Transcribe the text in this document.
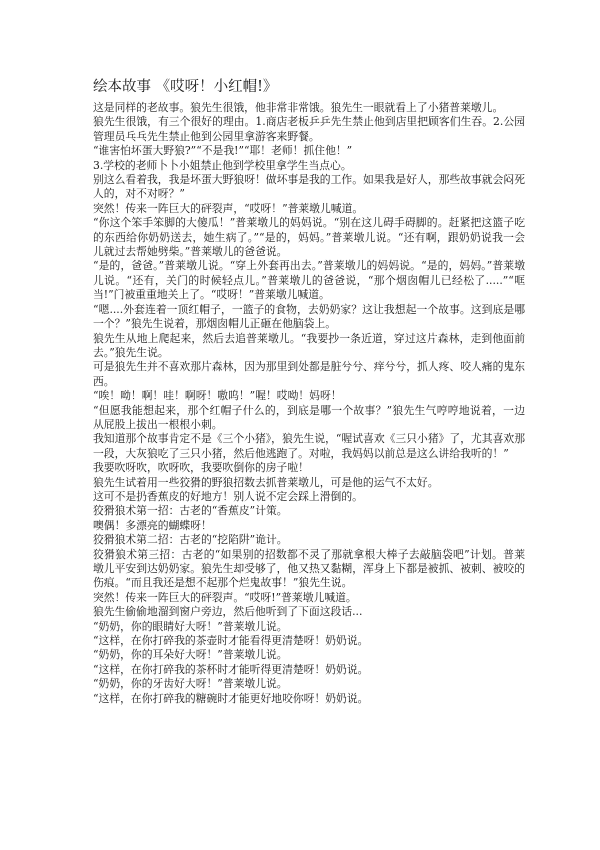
绘本故事 《哎呀！小红帽!》

这是同样的老故事。狼先生很饿，他非常非常饿。狼先生一眼就看上了小猪普莱墩儿。

狼先生很饿，有三个很好的理由。1.商店老板乒乒先生禁止他到店里把顾客们生吞。2.公园管理员乓乓先生禁止他到公园里拿游客来野餐。

“谁害怕坏蛋大野狼?”“不是我!”“耶！老师！抓住他！”

3.学校的老师卜卜小姐禁止他到学校里拿学生当点心。

别这么看着我，我是坏蛋大野狼呀！做坏事是我的工作。如果我是好人，那些故事就会闷死人的，对不对呀？”

突然！传来一阵巨大的砰裂声，“哎呀！”普莱墩儿喊道。

“你这个笨手笨脚的大傻瓜！”普莱墩儿的妈妈说。“别在这儿碍手碍脚的。赶紧把这篮子吃的东西给你奶奶送去，她生病了。”“是的，妈妈。”普莱墩儿说。“还有啊，跟奶奶说我一会儿就过去帮她劈柴。”普莱墩儿的爸爸说。

“是的，爸爸。”普莱墩儿说。“穿上外套再出去。”普莱墩儿的妈妈说。“是的，妈妈。”普莱墩儿说。“还有，关门的时候轻点儿。”普莱墩儿的爸爸说，“那个烟囱帽儿已经松了.....”“哐当!”门被重重地关上了。“哎呀！”普莱墩儿喊道。

“嗯....外套连着一顶红帽子，一篮子的食物，去奶奶家？这让我想起一个故事。这到底是哪一个？”狼先生说着，那烟囱帽儿正砸在他脑袋上。

狼先生从地上爬起来，然后去追普莱墩儿。“我要抄一条近道，穿过这片森林，走到他面前去。”狼先生说。

可是狼先生并不喜欢那片森林，因为那里到处都是脏兮兮、痒兮兮，抓人疼、咬人痛的鬼东西。

“唉！呦！啊！哇！啊呀！嗷呜！”喔！哎呦！妈呀！

“但愿我能想起来，那个红帽子什么的，到底是哪一个故事？”狼先生气哼哼地说着，一边从屁股上拔出一根根小刺。

我知道那个故事肯定不是《三个小猪》，狼先生说，“喔试喜欢《三只小猪》了，尤其喜欢那一段，大灰狼吃了三只小猪，然后他逃跑了。对啦，我妈妈以前总是这么讲给我听的！”

我要吹呀吹，吹呀吹，我要吹倒你的房子啦！

狼先生试着用一些狡猾的野狼招数去抓普莱墩儿，可是他的运气不太好。

这可不是扔香蕉皮的好地方！别人说不定会踩上滑倒的。

狡猾狼术第一招：古老的“香蕉皮”计策。

噢偶！多漂亮的蝴蝶呀！

狡猾狼术第二招：古老的“挖陷阱”诡计。

狡猾狼术第三招：古老的“如果别的招数都不灵了那就拿根大棒子去敲脑袋吧”计划。普莱墩儿平安到达奶奶家。狼先生却受够了，他又热又黏糊，浑身上下都是被抓、被刺、被咬的伤痕。“而且我还是想不起那个烂鬼故事！”狼先生说。

突然！传来一阵巨大的砰裂声。“哎呀!”普莱墩儿喊道。

狼先生偷偷地溜到窗户旁边，然后他听到了下面这段话...

“奶奶，你的眼睛好大呀！”普莱墩儿说。

“这样，在你打碎我的茶壶时才能看得更清楚呀！奶奶说。

“奶奶，你的耳朵好大呀！”普莱墩儿说。

“这样，在你打碎我的茶杯时才能听得更清楚呀！奶奶说。

“奶奶，你的牙齿好大呀！”普莱墩儿说。

“这样，在你打碎我的糖碗时才能更好地咬你呀！奶奶说。
